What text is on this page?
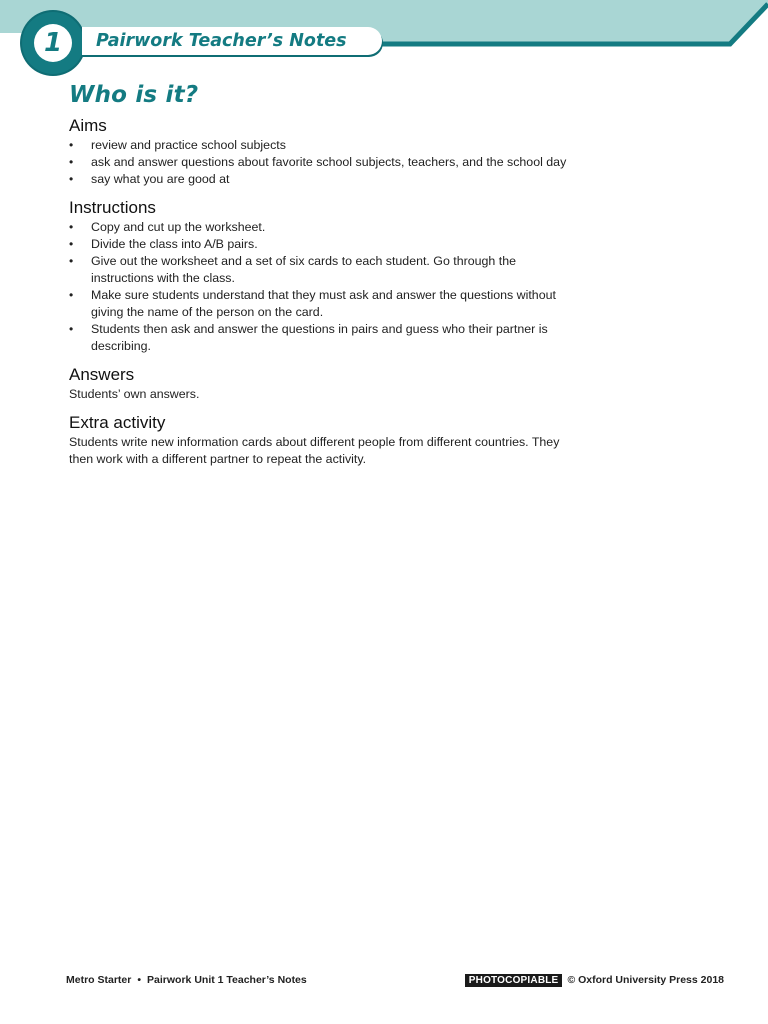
1	Pairwork Teacher’s Notes
Who is it?
Aims
• review and practice school subjects
• ask and answer questions about favorite school subjects, teachers, and the school day
• say what you are good at
Instructions
• Copy and cut up the worksheet.
• Divide the class into A/B pairs.
• Give out the worksheet and a set of six cards to each student. Go through the instructions with the class.
• Make sure students understand that they must ask and answer the questions without giving the name of the person on the card.
• Students then ask and answer the questions in pairs and guess who their partner is describing.
Answers

Students’ own answers.

Extra activity

Students write new information cards about different people from different countries. They then work with a different partner to repeat the activity.

Metro Starter • Pairwork Unit 1 Teacher’s Notes	PHOTOCOPIABLE © Oxford University Press 2018
